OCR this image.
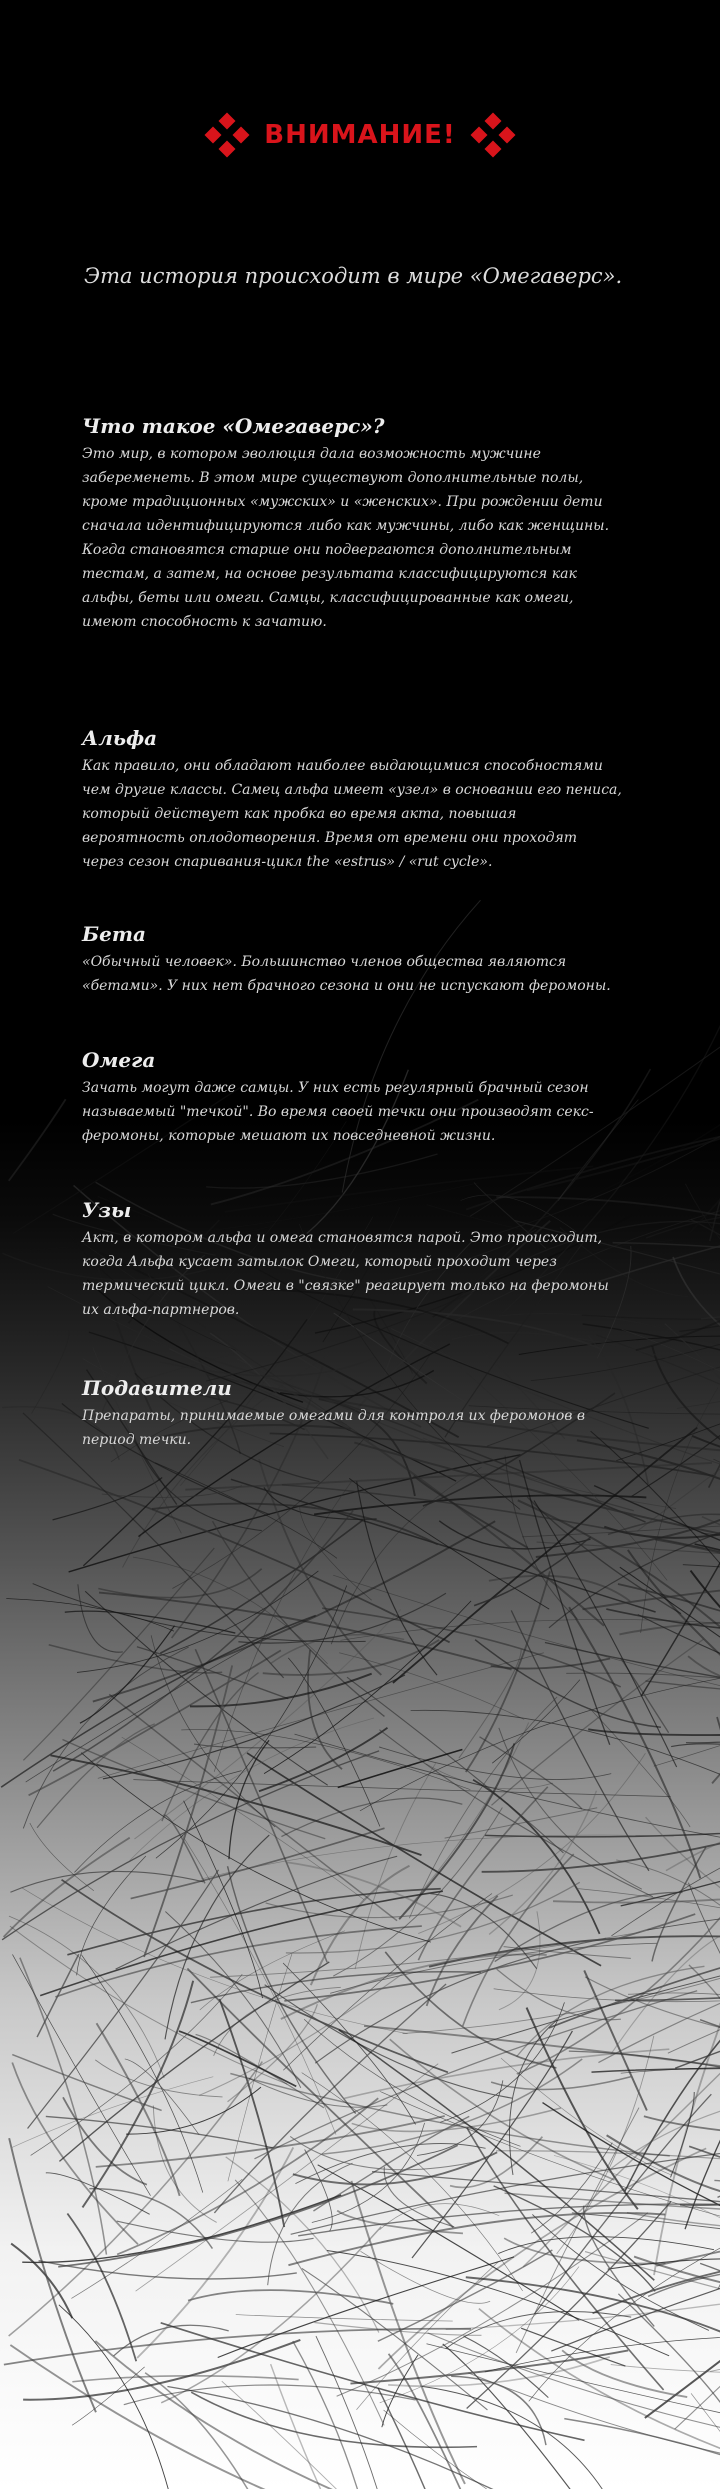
ВНИМАНИЕ!
Эта история происходит в мире «Омегаверс».
Что такое «Омегаверс»?

Это мир, в котором эволюция дала возможность мужчине забеременеть. В этом мире существуют дополнительные полы, кроме традиционных «мужских» и «женских». При рождении дети сначала идентифицируются либо как мужчины, либо как женщины. Когда становятся старше они подвергаются дополнительным тестам, а затем, на основе результата классифицируются как альфы, беты или омеги. Самцы, классифицированные как омеги, имеют способность к зачатию.

Альфа

Как правило, они обладают наиболее выдающимися способностями чем другие классы. Самец альфа имеет «узел» в основании его пениса, который действует как пробка во время акта, повышая вероятность оплодотворения. Время от времени они проходят через сезон спаривания-цикл the «estrus» / «rut cycle».

Бета

«Обычный человек». Большинство членов общества являются «бетами». У них нет брачного сезона и они не испускают феромоны.

Омега

Зачать могут даже самцы. У них есть регулярный брачный сезон называемый "течкой". Во время своей течки они производят секс-феромоны, которые мешают их повседневной жизни.

Узы

Акт, в котором альфа и омега становятся парой. Это происходит, когда Альфа кусает затылок Омеги, который проходит через термический цикл. Омеги в "связке" реагирует только на феромоны их альфа-партнеров.

Подавители

Препараты, принимаемые омегами для контроля их феромонов в период течки.
